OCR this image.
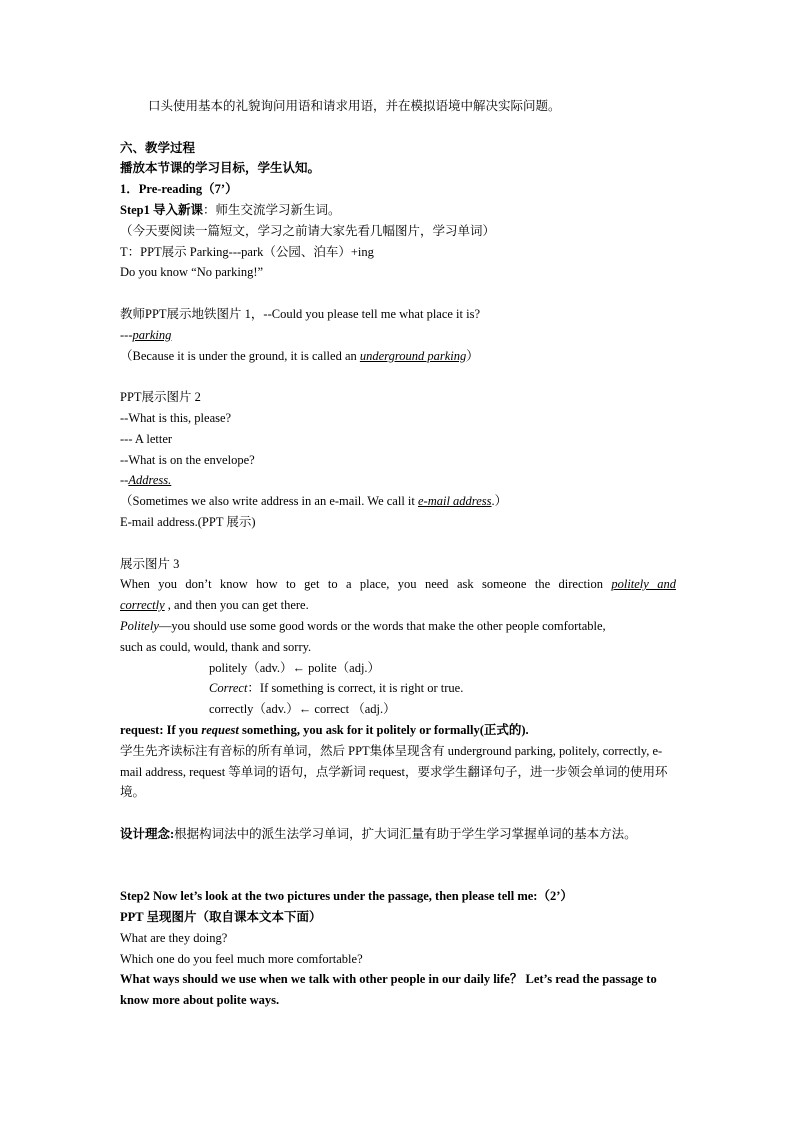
口头使用基本的礼貌询问用语和请求用语，并在模拟语境中解决实际问题。
六、教学过程
播放本节课的学习目标，学生认知。
1．Pre-reading（7’）
Step1 导入新课：师生交流学习新生词。
（今天要阅读一篇短文，学习之前请大家先看几幅图片，学习单词）
T：PPT展示 Parking---park（公园、泊车）+ing
Do you know “No parking!”
教师PPT展示地铁图片 1，--Could you please tell me what place it is?
---parking
（Because it is under the ground, it is called an underground parking）
PPT展示图片 2
--What is this, please?
--- A letter
--What is on the envelope?
--Address.
（Sometimes we also write address in an e-mail. We call it e-mail address.）
E-mail address.(PPT 展示)
展示图片 3
When you don’t know how to get to a place, you need ask someone the direction politely and
correctly , and then you can get there.
Politely—you should use some good words or the words that make the other people comfortable,
such as could, would, thank and sorry.
politely（adv.）← polite（adj.）
Correct：If something is correct, it is right or true.
correctly（adv.）← correct （adj.）
request: If you request something, you ask for it politely or formally(正式的).
学生先齐读标注有音标的所有单词，然后 PPT集体呈现含有 underground parking, politely, correctly, e-mail address, request 等单词的语句，点学新词 request，要求学生翻译句子，进一步领会单词的使用环境。
设计理念:根据构词法中的派生法学习单词，扩大词汇量有助于学生学习掌握单词的基本方法。
Step2 Now let’s look at the two pictures under the passage, then please tell me:（2’）
PPT 呈现图片（取自课本文本下面）
What are they doing?
Which one do you feel much more comfortable?
What ways should we use when we talk with other people in our daily life？ Let’s read the passage to know more about polite ways.
